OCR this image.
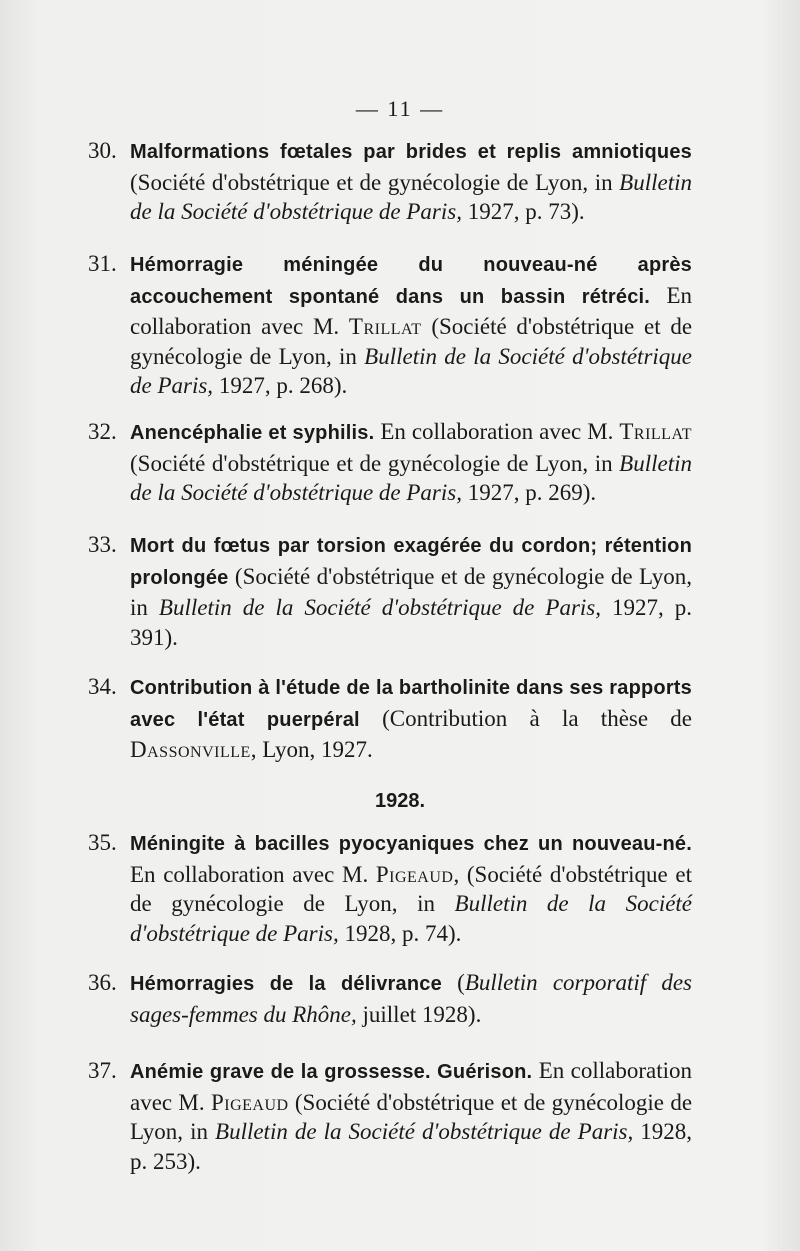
— 11 —
30. Malformations fœtales par brides et replis amniotiques (Société d'obstétrique et de gynécologie de Lyon, in Bulletin de la Société d'obstétrique de Paris, 1927, p. 73).
31. Hémorragie méningée du nouveau-né après accouchement spontané dans un bassin rétréci. En collaboration avec M. Trillat (Société d'obstétrique et de gynécologie de Lyon, in Bulletin de la Société d'obstétrique de Paris, 1927, p. 268).
32. Anencéphalie et syphilis. En collaboration avec M. Trillat (Société d'obstétrique et de gynécologie de Lyon, in Bulletin de la Société d'obstétrique de Paris, 1927, p. 269).
33. Mort du fœtus par torsion exagérée du cordon; rétention prolongée (Société d'obstétrique et de gynécologie de Lyon, in Bulletin de la Société d'obstétrique de Paris, 1927, p. 391).
34. Contribution à l'étude de la bartholinite dans ses rapports avec l'état puerpéral (Contribution à la thèse de Dassonville, Lyon, 1927.
1928.
35. Méningite à bacilles pyocyaniques chez un nouveau-né. En collaboration avec M. Pigeaud, (Société d'obstétrique et de gynécologie de Lyon, in Bulletin de la Société d'obstétrique de Paris, 1928, p. 74).
36. Hémorragies de la délivrance (Bulletin corporatif des sages-femmes du Rhône, juillet 1928).
37. Anémie grave de la grossesse. Guérison. En collaboration avec M. Pigeaud (Société d'obstétrique et de gynécologie de Lyon, in Bulletin de la Société d'obstétrique de Paris, 1928, p. 253).
